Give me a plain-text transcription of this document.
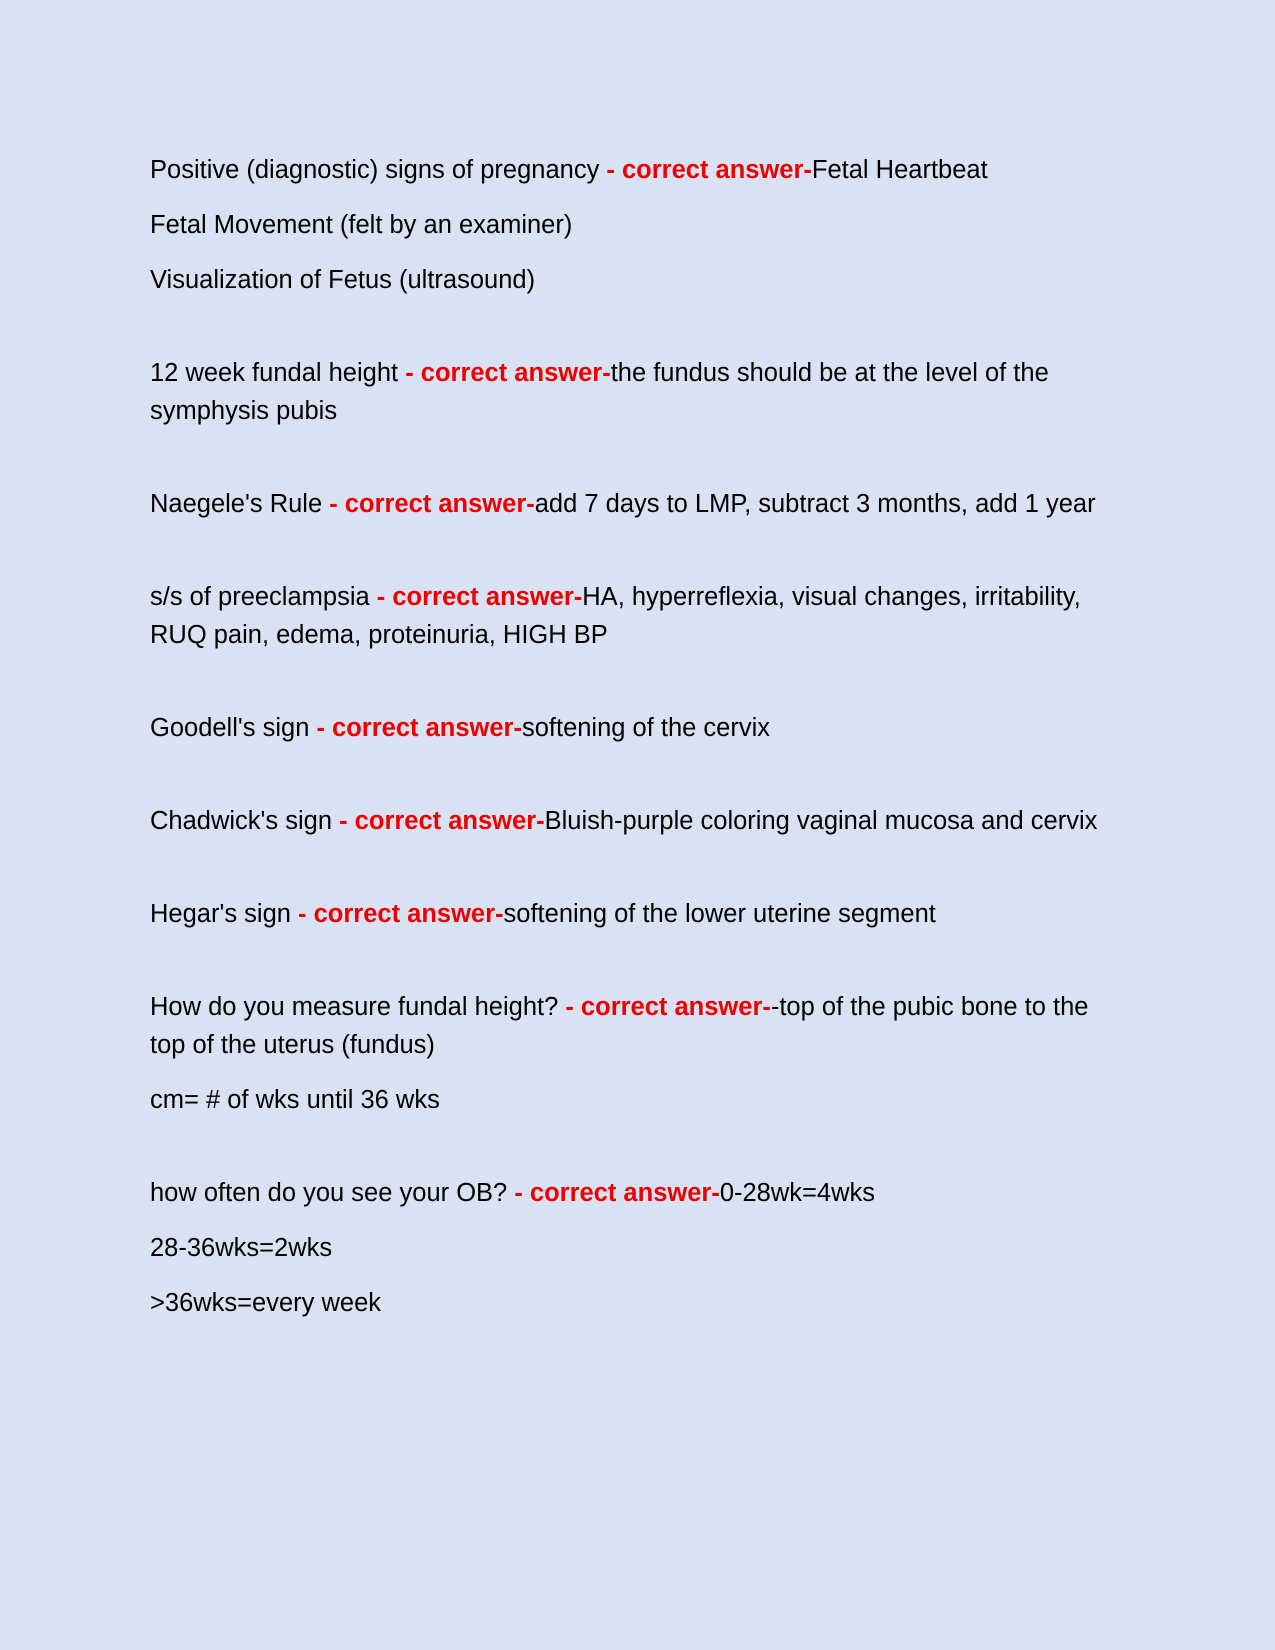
Positive (diagnostic) signs of pregnancy - correct answer-Fetal Heartbeat

Fetal Movement (felt by an examiner)

Visualization of Fetus (ultrasound)

12 week fundal height - correct answer-the fundus should be at the level of the symphysis pubis

Naegele's Rule - correct answer-add 7 days to LMP, subtract 3 months, add 1 year

s/s of preeclampsia - correct answer-HA, hyperreflexia, visual changes, irritability, RUQ pain, edema, proteinuria, HIGH BP

Goodell's sign - correct answer-softening of the cervix

Chadwick's sign - correct answer-Bluish-purple coloring vaginal mucosa and cervix

Hegar's sign - correct answer-softening of the lower uterine segment

How do you measure fundal height? - correct answer--top of the pubic bone to the top of the uterus (fundus)

cm= # of wks until 36 wks

how often do you see your OB? - correct answer-0-28wk=4wks

28-36wks=2wks

>36wks=every week
